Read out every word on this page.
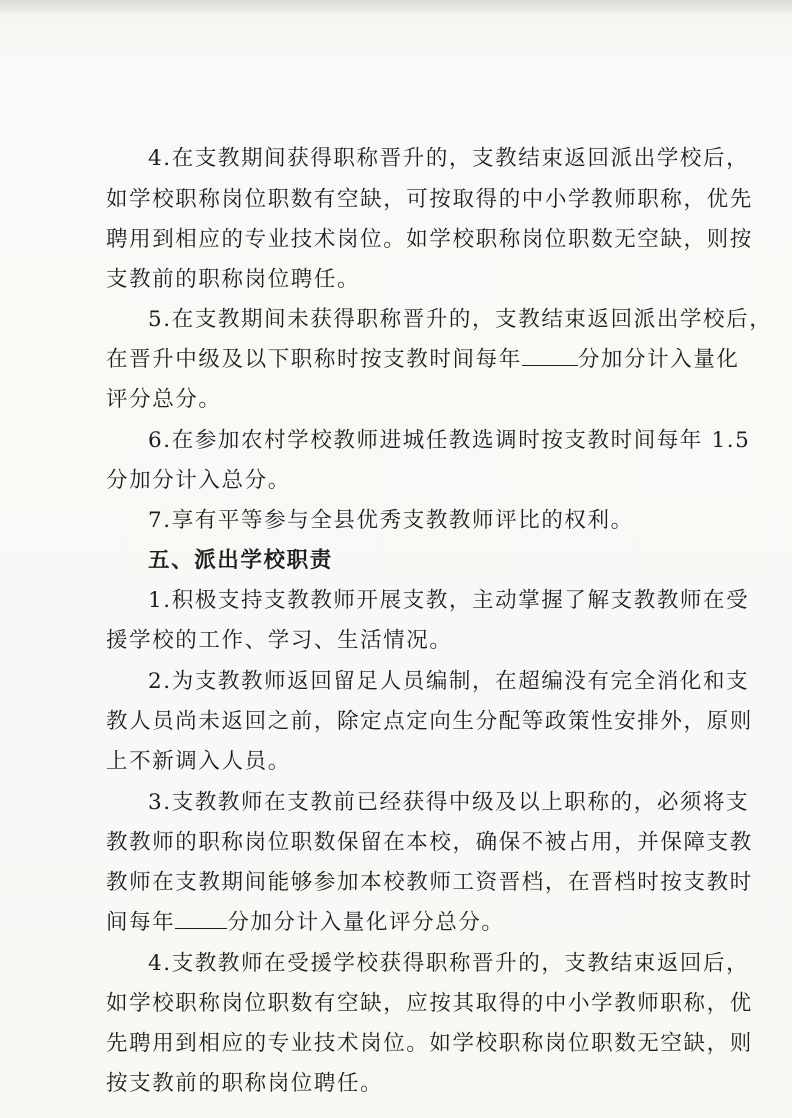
4.在支教期间获得职称晋升的，支教结束返回派出学校后，
如学校职称岗位职数有空缺，可按取得的中小学教师职称，优先
聘用到相应的专业技术岗位。如学校职称岗位职数无空缺，则按
支教前的职称岗位聘任。
5.在支教期间未获得职称晋升的，支教结束返回派出学校后，
在晋升中级及以下职称时按支教时间每年	分加分计入量化
评分总分。
6.在参加农村学校教师进城任教选调时按支教时间每年 1.5
分加分计入总分。
7.享有平等参与全县优秀支教教师评比的权利。
五、派出学校职责
1.积极支持支教教师开展支教，主动掌握了解支教教师在受
援学校的工作、学习、生活情况。
2.为支教教师返回留足人员编制，在超编没有完全消化和支
教人员尚未返回之前，除定点定向生分配等政策性安排外，原则
上不新调入人员。
3.支教教师在支教前已经获得中级及以上职称的，必须将支
教教师的职称岗位职数保留在本校，确保不被占用，并保障支教
教师在支教期间能够参加本校教师工资晋档，在晋档时按支教时
间每年 分加分计入量化评分总分。
4.支教教师在受援学校获得职称晋升的，支教结束返回后，
如学校职称岗位职数有空缺，应按其取得的中小学教师职称，优
先聘用到相应的专业技术岗位。如学校职称岗位职数无空缺，则
按支教前的职称岗位聘任。
